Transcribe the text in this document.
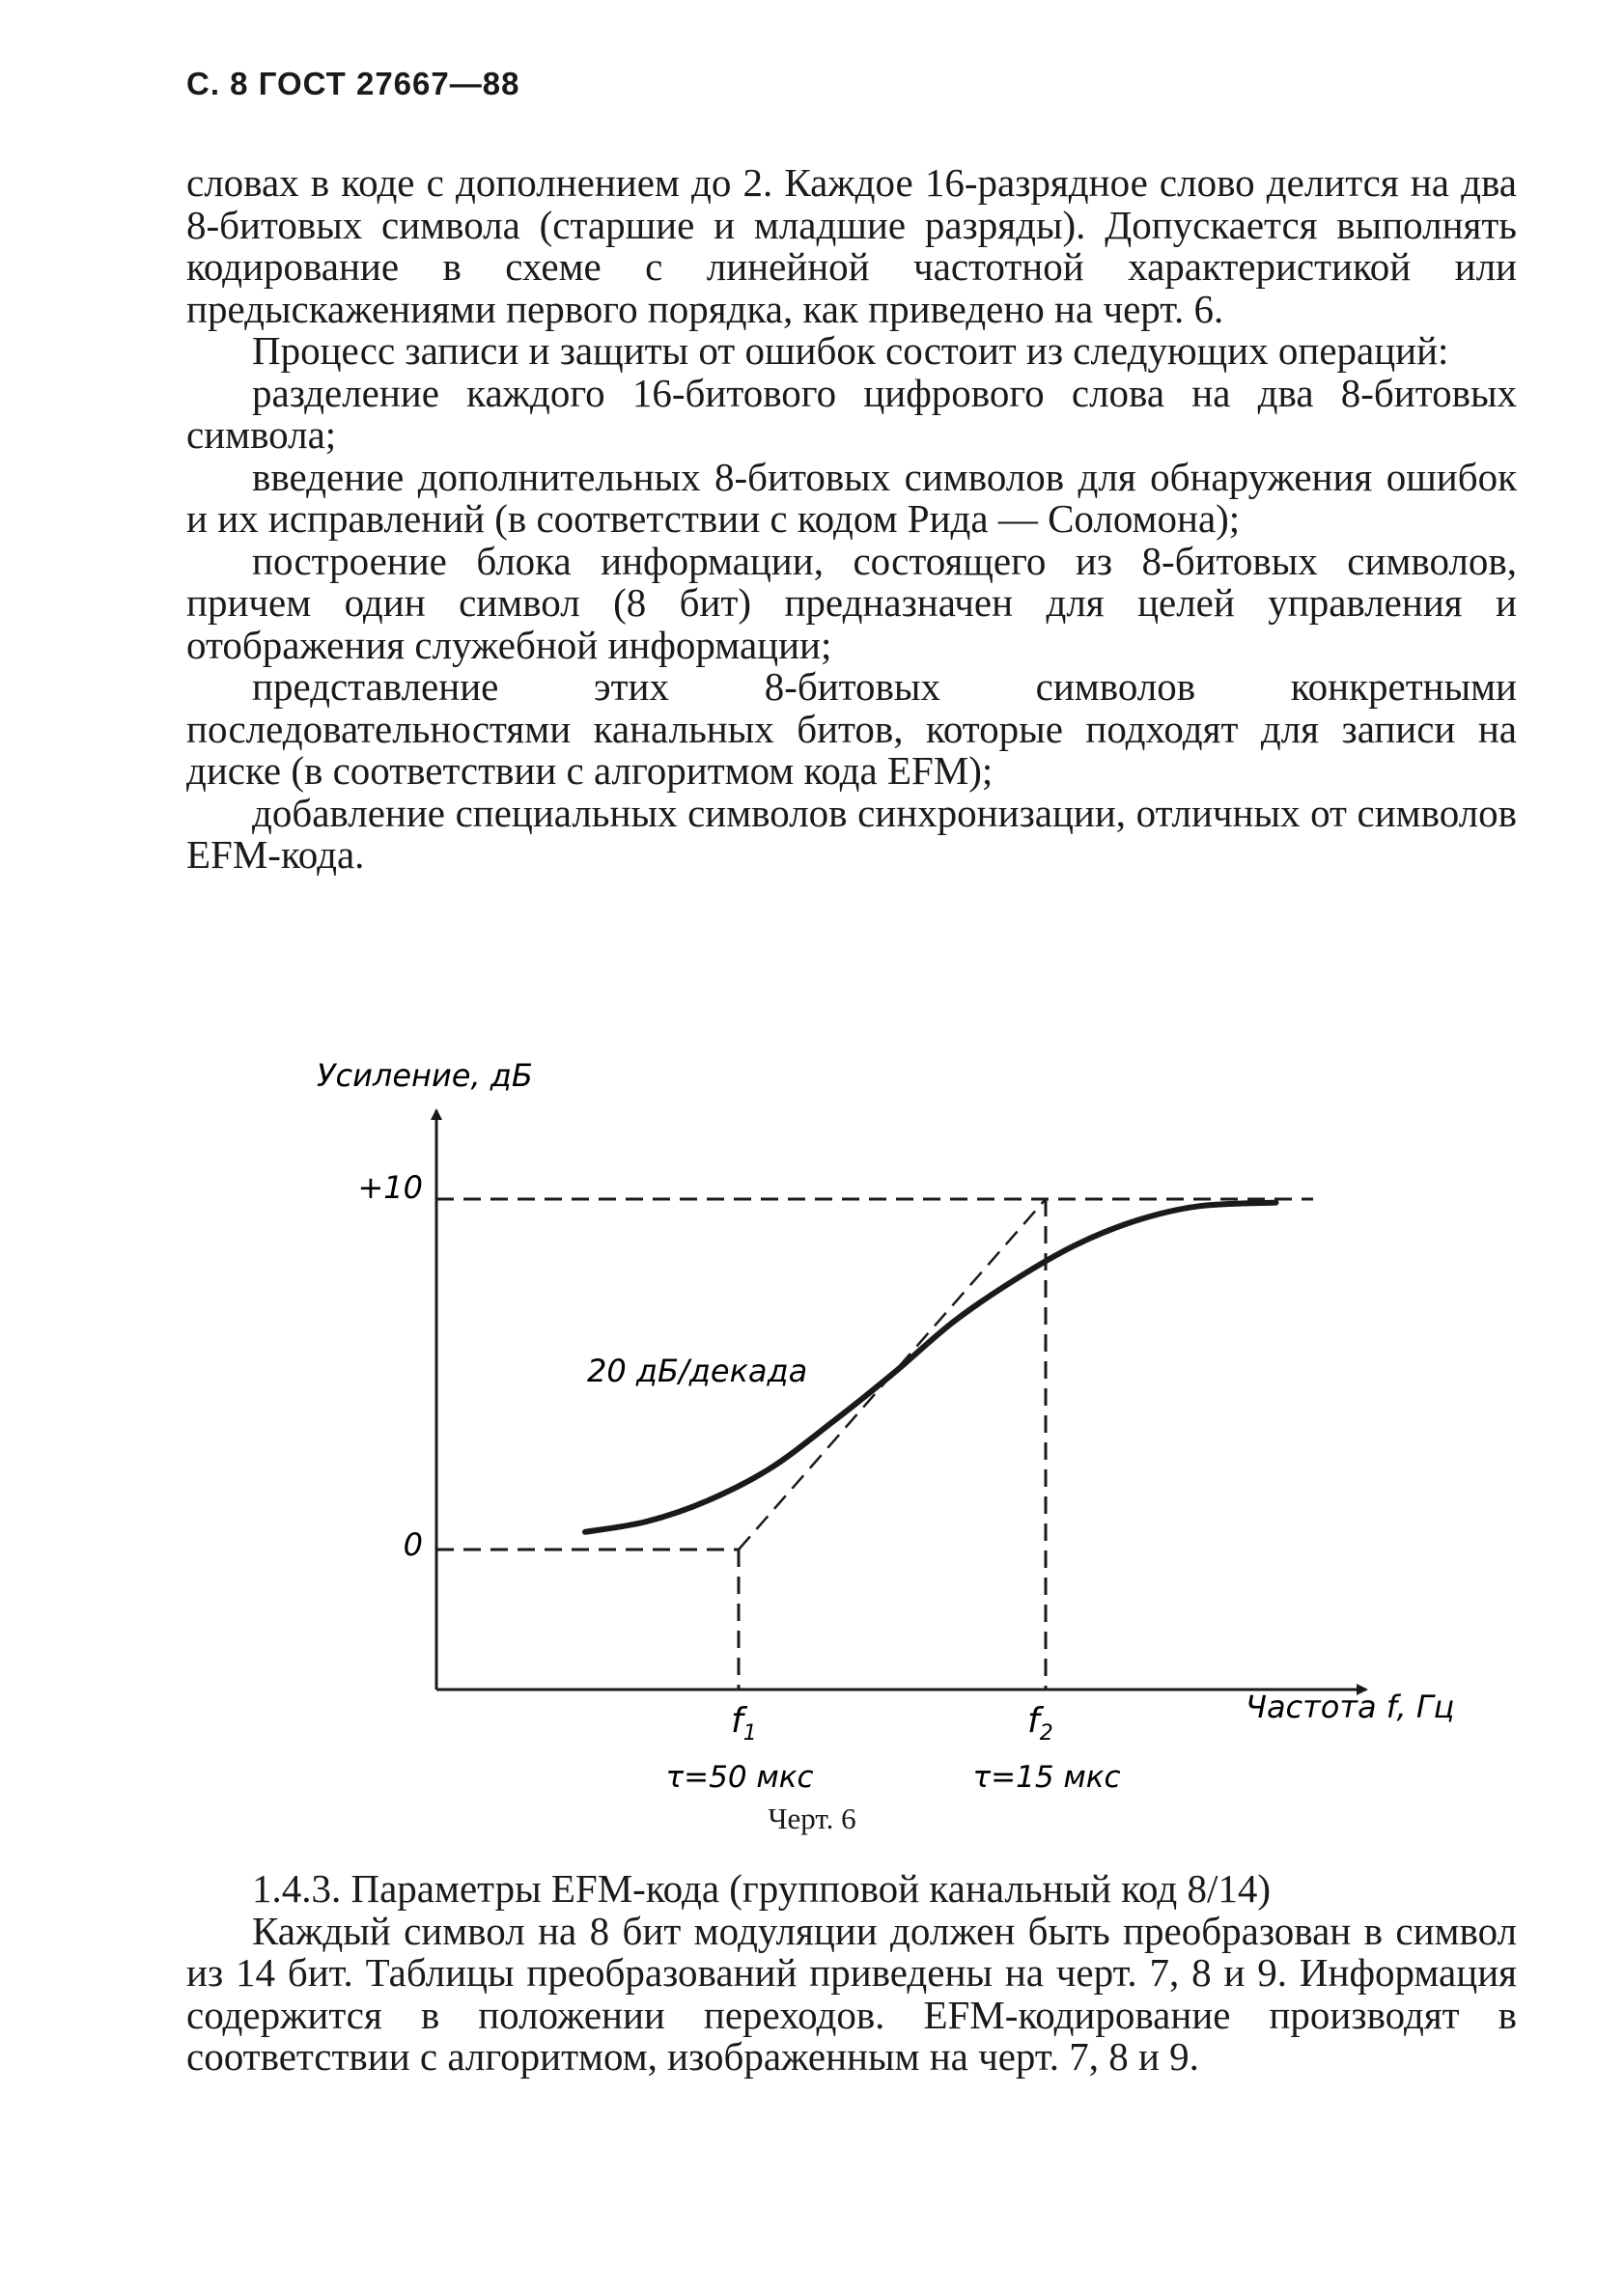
С. 8 ГОСТ 27667—88

словах в коде с дополнением до 2. Каждое 16-разрядное слово делится на два 8-битовых символа (старшие и младшие разряды). Допускается выполнять кодирование в схеме с линейной частотной характеристикой или предыскажениями первого порядка, как приведено на черт. 6.

Процесс записи и защиты от ошибок состоит из следующих операций:

разделение каждого 16-битового цифрового слова на два 8-битовых символа;

введение дополнительных 8-битовых символов для обнаружения ошибок и их исправлений (в соответствии с кодом Рида — Соломона);

построение блока информации, состоящего из 8-битовых символов, причем один символ (8 бит) предназначен для целей управления и отображения служебной информации;

представление этих 8-битовых символов конкретными последовательностями канальных битов, которые подходят для записи на диске (в соответствии с алгоритмом кода EFM);

добавление специальных символов синхронизации, отличных от символов EFM-кода.

Усиление, дБ
Частота f, Гц
+10
0
20 дБ/декада
$f_1$	$f_2$
τ=50 мкс	τ=15 мкс
Черт. 6

1.4.3. Параметры EFM-кода (групповой канальный код 8/14)

Каждый символ на 8 бит модуляции должен быть преобразован в символ из 14 бит. Таблицы преобразований приведены на черт. 7, 8 и 9. Информация содержится в положении переходов. EFM-кодирование производят в соответствии с алгоритмом, изображенным на черт. 7, 8 и 9.
